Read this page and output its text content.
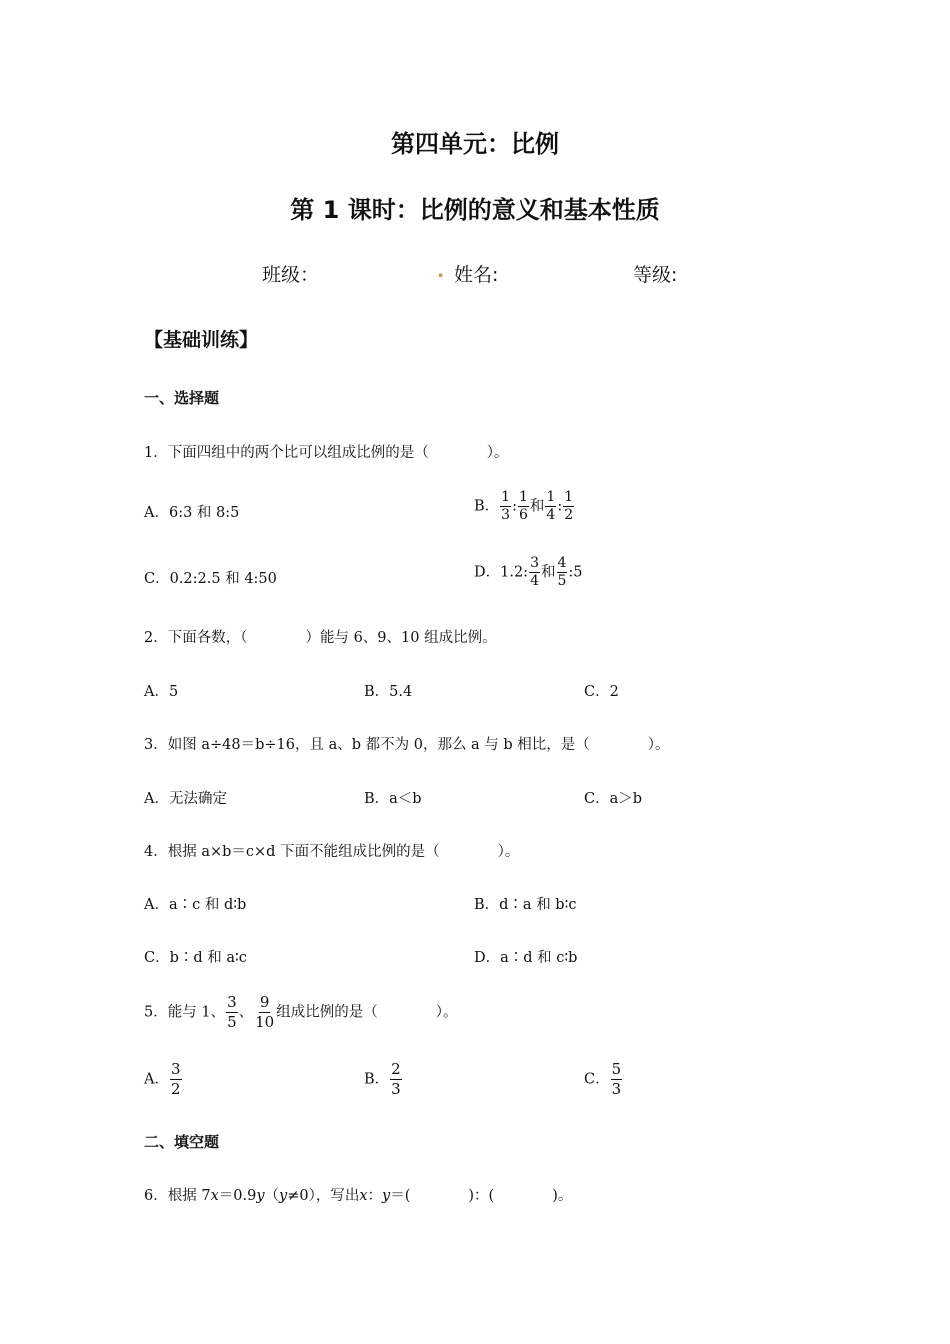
第四单元：比例
第 1 课时：比例的意义和基本性质
班级：	. 姓名:	等级:
【基础训练】
一、选择题
1．下面四组中的两个比可以组成比例的是（　　　　）。
A．6:3 和 8:5	B． $\frac{1}{3}$ : $\frac{1}{6}$ 和 $\frac{1}{4}$ : $\frac{1}{2}$
C．0.2:2.5 和 4:50	D．1.2: $\frac{3}{4}$ 和 $\frac{4}{5}$ :5
2．下面各数，（　　　　）能与 6、9、10 组成比例。
A．5	B．5.4	C．2
3．如图 a÷48＝b÷16，且 a、b 都不为 0，那么 a 与 b 相比，是（　　　　）。
A．无法确定	B．a＜b	C．a＞b
4．根据 a×b＝c×d 下面不能组成比例的是（　　　　）。
A．a∶c 和 d∶b	B．d∶a 和 b∶c
C．b∶d 和 a∶c	D．a∶d 和 c∶b
5．能与 1、 $\frac{3}{5}$ 、 $\frac{9}{10}$ 组成比例的是（　　　　）。
A． $\frac{3}{2}$	B． $\frac{2}{3}$	C． $\frac{5}{3}$
二、填空题
6．根据 7x＝0.9y（y≠0），写出x：y＝(　　　　)：(　　　　)。
